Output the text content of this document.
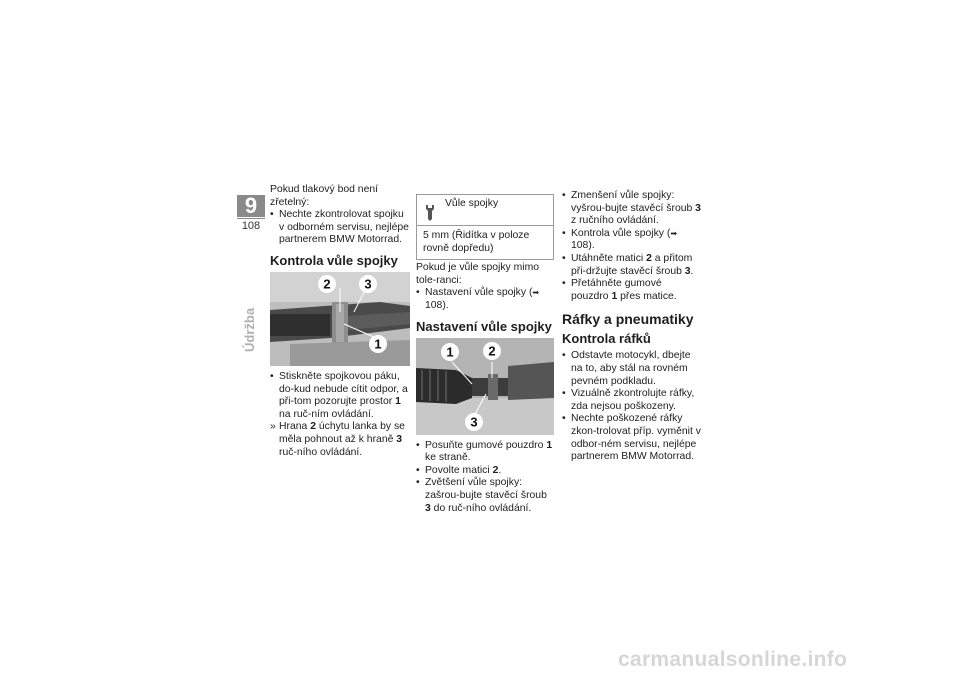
9
108
Údržba

Pokud tlakový bod není zřetelný:

• Nechte zkontrolovat spojku v odborném servisu, nejlépe partnerem BMW Motorrad.
Kontrola vůle spojky
2	3
1
• Stiskněte spojkovou páku, do-kud nebude cítit odpor, a při-tom pozorujte prostor 1 na ruč-ním ovládání.
» Hrana 2 úchytu lanka by se měla pohnout až k hraně 3 ruč-ního ovládání.
Vůle spojky
5 mm (Řidítka v poloze rovně dopředu)

Pokud je vůle spojky mimo tole-ranci:

• Nastavení vůle spojky (➡ 108).
Nastavení vůle spojky
1	2
3
• Posuňte gumové pouzdro 1 ke straně.
• Povolte matici 2.
• Zvětšení vůle spojky: zašrou-bujte stavěcí šroub 3 do ruč-ního ovládání.
• Zmenšení vůle spojky: vyšrou-bujte stavěcí šroub 3 z ručního ovládání.
• Kontrola vůle spojky (➡ 108).
• Utáhněte matici 2 a přitom při-držujte stavěcí šroub 3.
• Přetáhněte gumové pouzdro 1 přes matice.
Ráfky a pneumatiky
Kontrola ráfků
• Odstavte motocykl, dbejte na to, aby stál na rovném pevném podkladu.
• Vizuálně zkontrolujte ráfky, zda nejsou poškozeny.
• Nechte poškozené ráfky zkon-trolovat příp. vyměnit v odbor-ném servisu, nejlépe partnerem BMW Motorrad.
carmanualsonline.info
